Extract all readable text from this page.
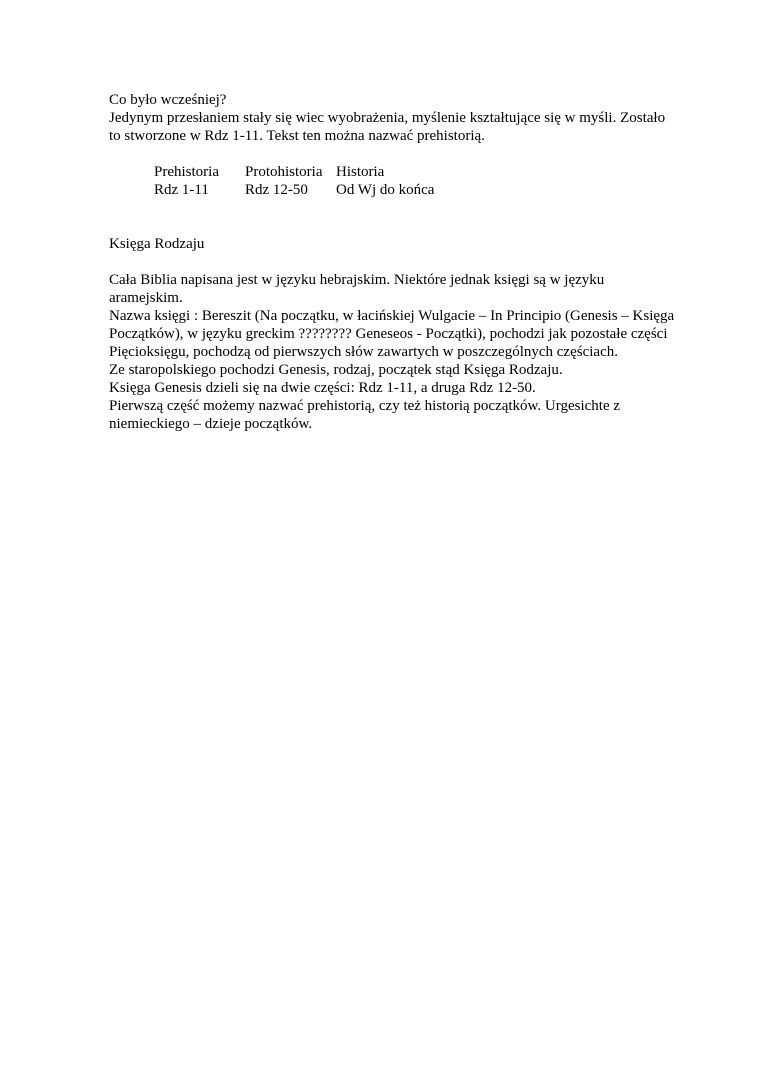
Co było wcześniej?
Jedynym przesłaniem stały się wiec wyobrażenia, myślenie kształtujące się w myśli. Zostało
to stworzone w Rdz 1-11. Tekst ten można nazwać prehistorią.
Prehistoria	Protohistoria Historia
Rdz 1-11	Rdz 12-50	Od Wj do końca
Księga Rodzaju
Cała Biblia napisana jest w języku hebrajskim. Niektóre jednak księgi są w języku
aramejskim.
Nazwa księgi : Bereszit (Na początku, w łacińskiej Wulgacie – In Principio (Genesis – Księga
Początków), w języku greckim ???????? Geneseos - Początki), pochodzi jak pozostałe części
Pięcioksięgu, pochodzą od pierwszych słów zawartych w poszczególnych częściach.
Ze staropolskiego pochodzi Genesis, rodzaj, początek stąd Księga Rodzaju.
Księga Genesis dzieli się na dwie części: Rdz 1-11, a druga Rdz 12-50.
Pierwszą część możemy nazwać prehistorią, czy też historią początków. Urgesichte z
niemieckiego – dzieje początków.
